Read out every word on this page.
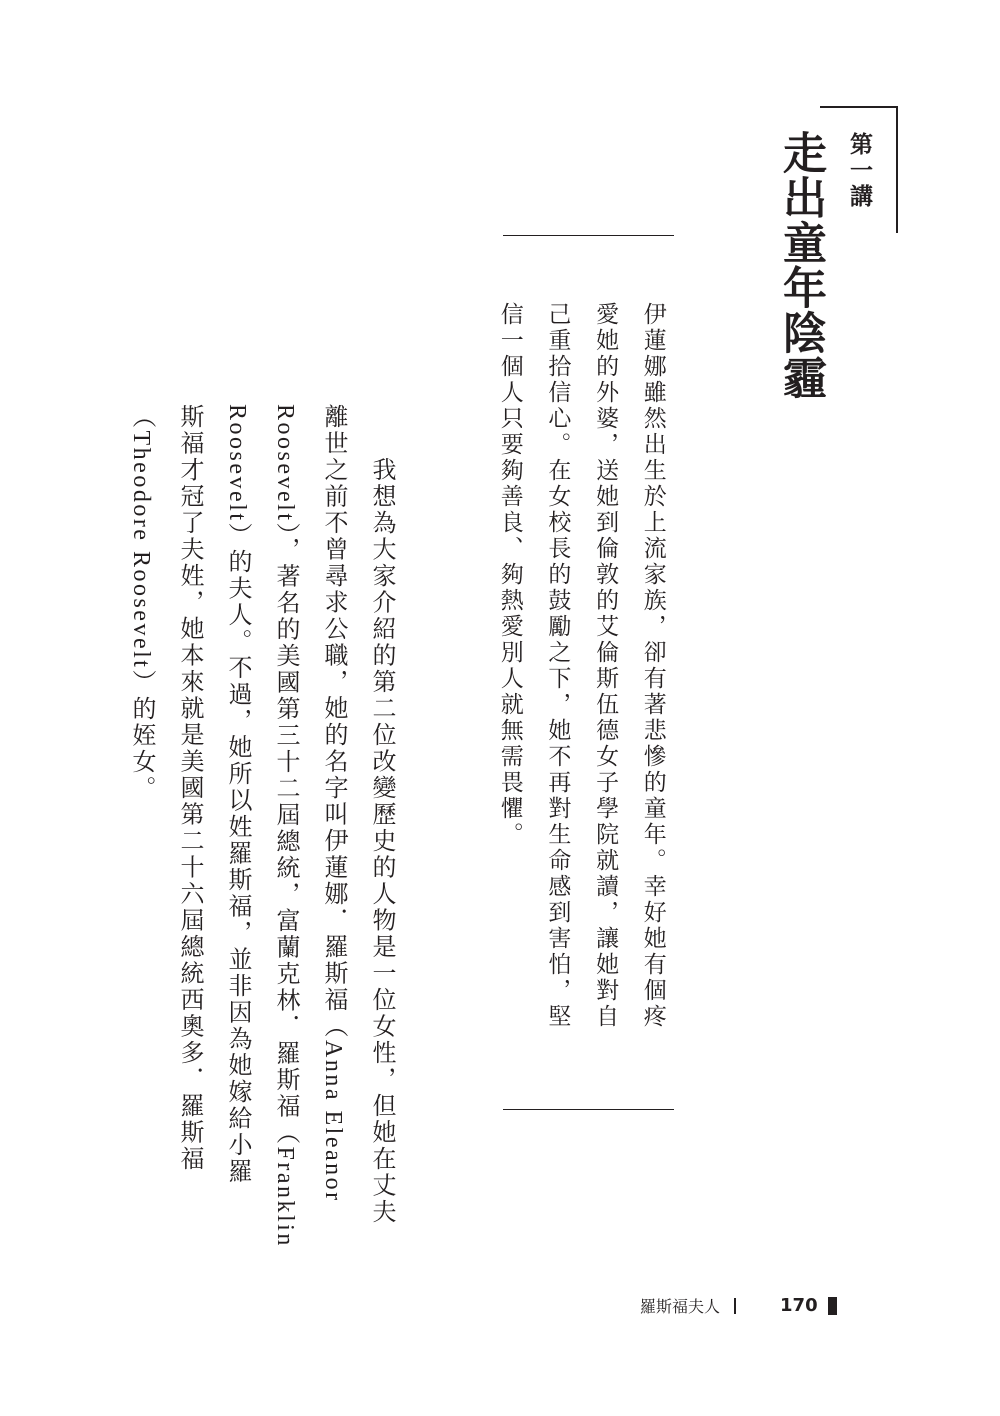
第一講
走出童年陰霾
伊蓮娜雖然出生於上流家族，卻有著悲慘的童年。幸好她有個疼
愛她的外婆，送她到倫敦的艾倫斯伍德女子學院就讀，讓她對自
己重拾信心。在女校長的鼓勵之下，她不再對生命感到害怕，堅
信一個人只要夠善良、夠熱愛別人就無需畏懼。
我想為大家介紹的第二位改變歷史的人物是一位女性，但她在丈夫
離世之前不曾尋求公職，她的名字叫伊蓮娜．羅斯福（Anna Eleanor
Roosevelt），著名的美國第三十二屆總統，富蘭克林．羅斯福（Franklin
Roosevelt）的夫人。不過，她所以姓羅斯福，並非因為她嫁給小羅
斯福才冠了夫姓，她本來就是美國第二十六屆總統西奧多．羅斯福
（Theodore Roosevelt）的姪女。
羅斯福夫人	170
